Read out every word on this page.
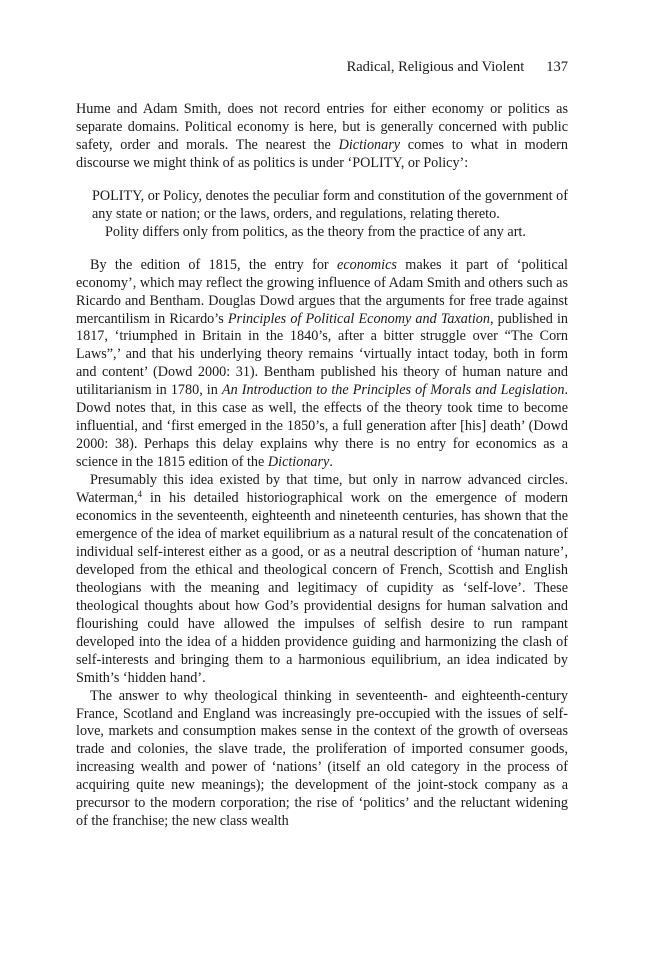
Radical, Religious and Violent 137

Hume and Adam Smith, does not record entries for either economy or politics as separate domains. Political economy is here, but is generally concerned with public safety, order and morals. The nearest the Dictionary comes to what in modern discourse we might think of as politics is under ‘POLITY, or Policy’:

POLITY, or Policy, denotes the peculiar form and constitution of the government of any state or nation; or the laws, orders, and regulations, relating thereto.
Polity differs only from politics, as the theory from the practice of any art.

By the edition of 1815, the entry for economics makes it part of ‘political economy’, which may reflect the growing influence of Adam Smith and others such as Ricardo and Bentham. Douglas Dowd argues that the arguments for free trade against mercantilism in Ricardo’s Principles of Political Economy and Taxation, published in 1817, ‘triumphed in Britain in the 1840’s, after a bitter struggle over “The Corn Laws”,’ and that his underlying theory remains ‘virtually intact today, both in form and content’ (Dowd 2000: 31). Bentham published his theory of human nature and utilitarianism in 1780, in An Introduction to the Principles of Morals and Legislation. Dowd notes that, in this case as well, the effects of the theory took time to become influential, and ‘first emerged in the 1850’s, a full generation after [his] death’ (Dowd 2000: 38). Perhaps this delay explains why there is no entry for economics as a science in the 1815 edition of the Dictionary.

Presumably this idea existed by that time, but only in narrow advanced circles. Waterman,$^4$ in his detailed historiographical work on the emergence of modern economics in the seventeenth, eighteenth and nineteenth centuries, has shown that the emergence of the idea of market equilibrium as a natural result of the concatenation of individual self-interest either as a good, or as a neutral description of ‘human nature’, developed from the ethical and theological concern of French, Scottish and English theologians with the meaning and legitimacy of cupidity as ‘self-love’. These theological thoughts about how God’s providential designs for human salvation and flourishing could have allowed the impulses of selfish desire to run rampant developed into the idea of a hidden providence guiding and harmonizing the clash of self-interests and bringing them to a harmonious equilibrium, an idea indicated by Smith’s ‘hidden hand’.

The answer to why theological thinking in seventeenth- and eighteenth-century France, Scotland and England was increasingly pre-occupied with the issues of self-love, markets and consumption makes sense in the context of the growth of overseas trade and colonies, the slave trade, the proliferation of imported consumer goods, increasing wealth and power of ‘nations’ (itself an old category in the process of acquiring quite new meanings); the development of the joint-stock company as a precursor to the modern corporation; the rise of ‘politics’ and the reluctant widening of the franchise; the new class wealth
